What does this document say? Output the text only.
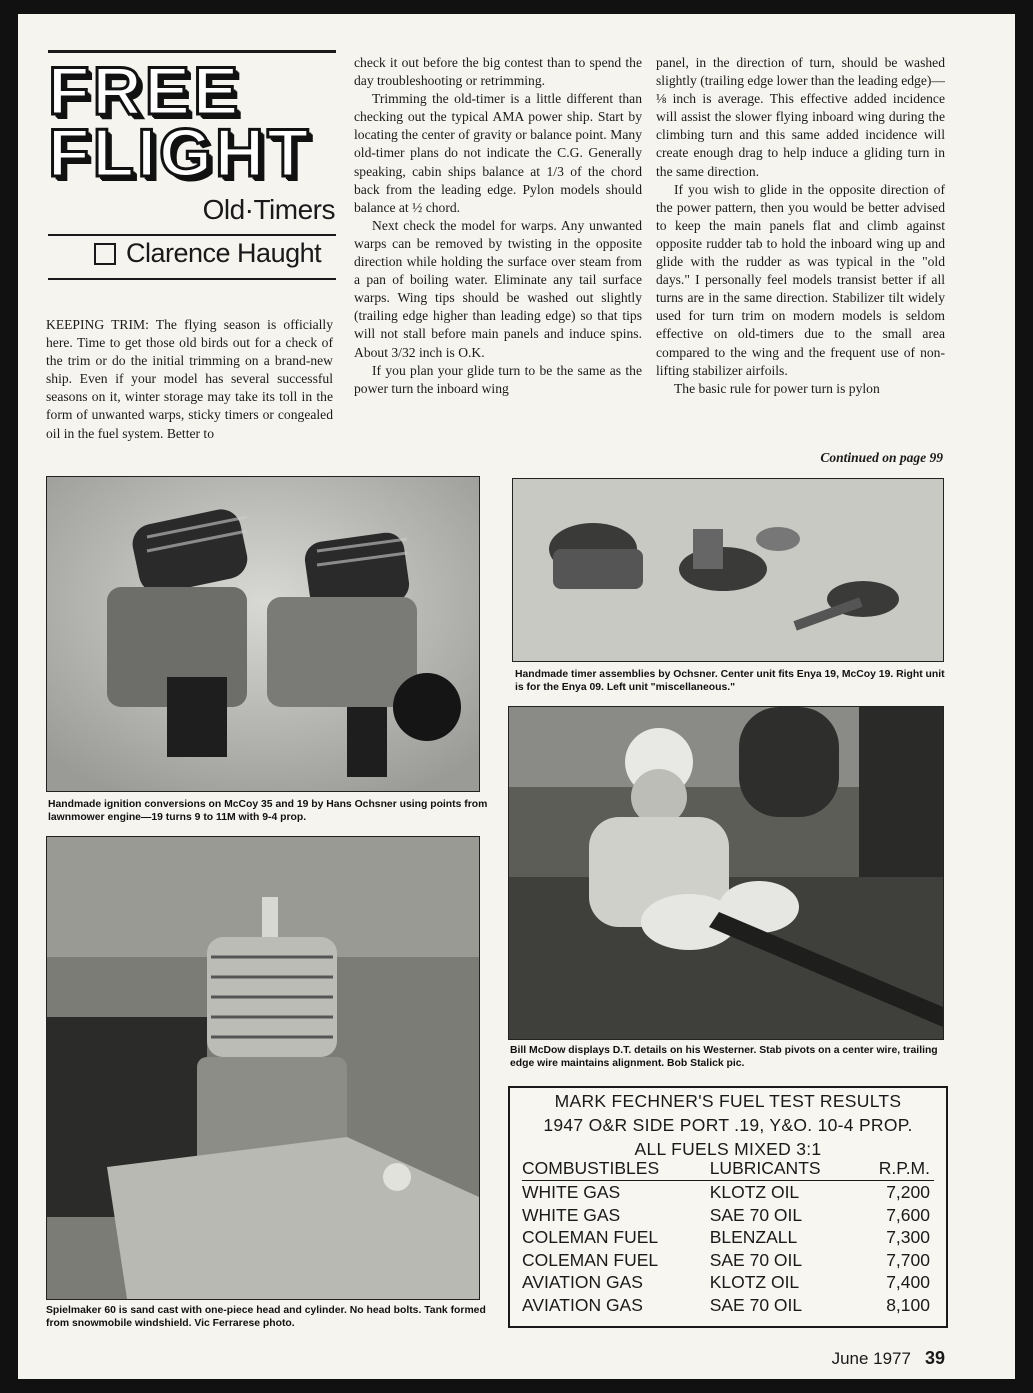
FREE
FLIGHT
Old·Timers
Clarence Haught

KEEPING TRIM: The flying season is officially here. Time to get those old birds out for a check of the trim or do the initial trimming on a brand-new ship. Even if your model has several successful seasons on it, winter storage may take its toll in the form of unwanted warps, sticky timers or congealed oil in the fuel system. Better to

check it out before the big contest than to spend the day troubleshooting or retrimming.

Trimming the old-timer is a little different than checking out the typical AMA power ship. Start by locating the center of gravity or balance point. Many old-timer plans do not indicate the C.G. Generally speaking, cabin ships balance at 1/3 of the chord back from the leading edge. Pylon models should balance at ½ chord.

Next check the model for warps. Any unwanted warps can be removed by twisting in the opposite direction while holding the surface over steam from a pan of boiling water. Eliminate any tail surface warps. Wing tips should be washed out slightly (trailing edge higher than leading edge) so that tips will not stall before main panels and induce spins. About 3/32 inch is O.K.

If you plan your glide turn to be the same as the power turn the inboard wing

panel, in the direction of turn, should be washed slightly (trailing edge lower than the leading edge)—⅛ inch is average. This effective added incidence will assist the slower flying inboard wing during the climbing turn and this same added incidence will create enough drag to help induce a gliding turn in the same direction.

If you wish to glide in the opposite direction of the power pattern, then you would be better advised to keep the main panels flat and climb against opposite rudder tab to hold the inboard wing up and glide with the rudder as was typical in the "old days." I personally feel models transist better if all turns are in the same direction. Stabilizer tilt widely used for turn trim on modern models is seldom effective on old-timers due to the small area compared to the wing and the frequent use of non-lifting stabilizer airfoils.

The basic rule for power turn is pylon

Continued on page 99
Handmade ignition conversions on McCoy 35 and 19 by Hans Ochsner using points from lawnmower engine—19 turns 9 to 11M with 9-4 prop.
Handmade timer assemblies by Ochsner. Center unit fits Enya 19, McCoy 19. Right unit is for the Enya 09. Left unit "miscellaneous."
Bill McDow displays D.T. details on his Westerner. Stab pivots on a center wire, trailing edge wire maintains alignment. Bob Stalick pic.
Spielmaker 60 is sand cast with one-piece head and cylinder. No head bolts. Tank formed from snowmobile windshield. Vic Ferrarese photo.
MARK FECHNER'S FUEL TEST RESULTS
1947 O&R SIDE PORT .19, Y&O. 10-4 PROP.
ALL FUELS MIXED 3:1
COMBUSTIBLES	LUBRICANTS	R.P.M.
WHITE GAS	KLOTZ OIL	7,200
WHITE GAS	SAE 70 OIL	7,600
COLEMAN FUEL	BLENZALL	7,300
COLEMAN FUEL	SAE 70 OIL	7,700
AVIATION GAS	KLOTZ OIL	7,400
AVIATION GAS	SAE 70 OIL	8,100
June 1977 39
